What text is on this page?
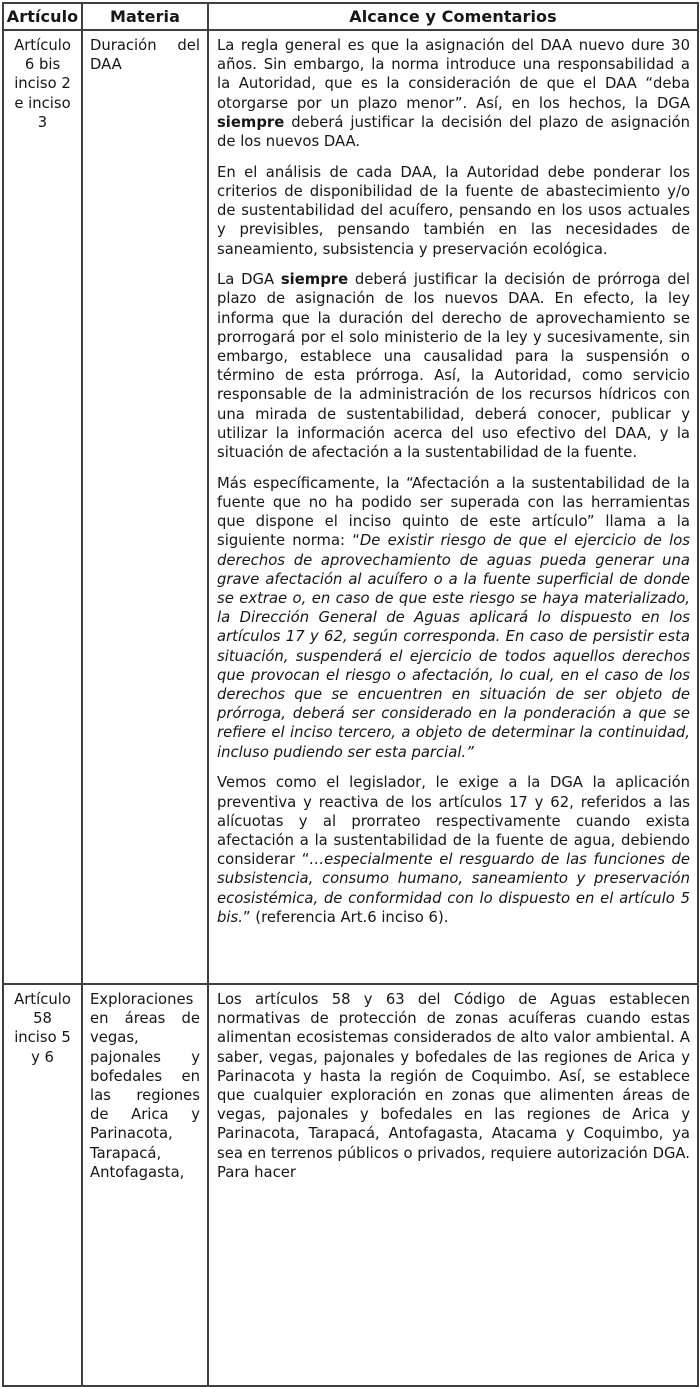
Artículo Materia	Alcance y Comentarios
Artículo 6 bis inciso 2 e inciso 3
Duración del DAA

La regla general es que la asignación del DAA nuevo dure 30 años. Sin embargo, la norma introduce una responsabilidad a la Autoridad, que es la consideración de que el DAA “deba otorgarse por un plazo menor”. Así, en los hechos, la DGA siempre deberá justificar la decisión del plazo de asignación de los nuevos DAA.

En el análisis de cada DAA, la Autoridad debe ponderar los criterios de disponibilidad de la fuente de abastecimiento y/o de sustentabilidad del acuífero, pensando en los usos actuales y previsibles, pensando también en las necesidades de saneamiento, subsistencia y preservación ecológica.

La DGA siempre deberá justificar la decisión de prórroga del plazo de asignación de los nuevos DAA. En efecto, la ley informa que la duración del derecho de aprovechamiento se prorrogará por el solo ministerio de la ley y sucesivamente, sin embargo, establece una causalidad para la suspensión o término de esta prórroga. Así, la Autoridad, como servicio responsable de la administración de los recursos hídricos con una mirada de sustentabilidad, deberá conocer, publicar y utilizar la información acerca del uso efectivo del DAA, y la situación de afectación a la sustentabilidad de la fuente.

Más específicamente, la “Afectación a la sustentabilidad de la fuente que no ha podido ser superada con las herramientas que dispone el inciso quinto de este artículo” llama a la siguiente norma: “De existir riesgo de que el ejercicio de los derechos de aprovechamiento de aguas pueda generar una grave afectación al acuífero o a la fuente superficial de donde se extrae o, en caso de que este riesgo se haya materializado, la Dirección General de Aguas aplicará lo dispuesto en los artículos 17 y 62, según corresponda. En caso de persistir esta situación, suspenderá el ejercicio de todos aquellos derechos que provocan el riesgo o afectación, lo cual, en el caso de los derechos que se encuentren en situación de ser objeto de prórroga, deberá ser considerado en la ponderación a que se refiere el inciso tercero, a objeto de determinar la continuidad, incluso pudiendo ser esta parcial.”

Vemos como el legislador, le exige a la DGA la aplicación preventiva y reactiva de los artículos 17 y 62, referidos a las alícuotas y al prorrateo respectivamente cuando exista afectación a la sustentabilidad de la fuente de agua, debiendo considerar “…especialmente el resguardo de las funciones de subsistencia, consumo humano, saneamiento y preservación ecosistémica, de conformidad con lo dispuesto en el artículo 5 bis.” (referencia Art.6 inciso 6).

Artículo 58 inciso 5 y 6
Exploraciones en áreas de vegas, pajonales y bofedales en las regiones de Arica y Parinacota, Tarapacá, Antofagasta,

Los artículos 58 y 63 del Código de Aguas establecen normativas de protección de zonas acuíferas cuando estas alimentan ecosistemas considerados de alto valor ambiental. A saber, vegas, pajonales y bofedales de las regiones de Arica y Parinacota y hasta la región de Coquimbo. Así, se establece que cualquier exploración en zonas que alimenten áreas de vegas, pajonales y bofedales en las regiones de Arica y Parinacota, Tarapacá, Antofagasta, Atacama y Coquimbo, ya sea en terrenos públicos o privados, requiere autorización DGA. Para hacer
